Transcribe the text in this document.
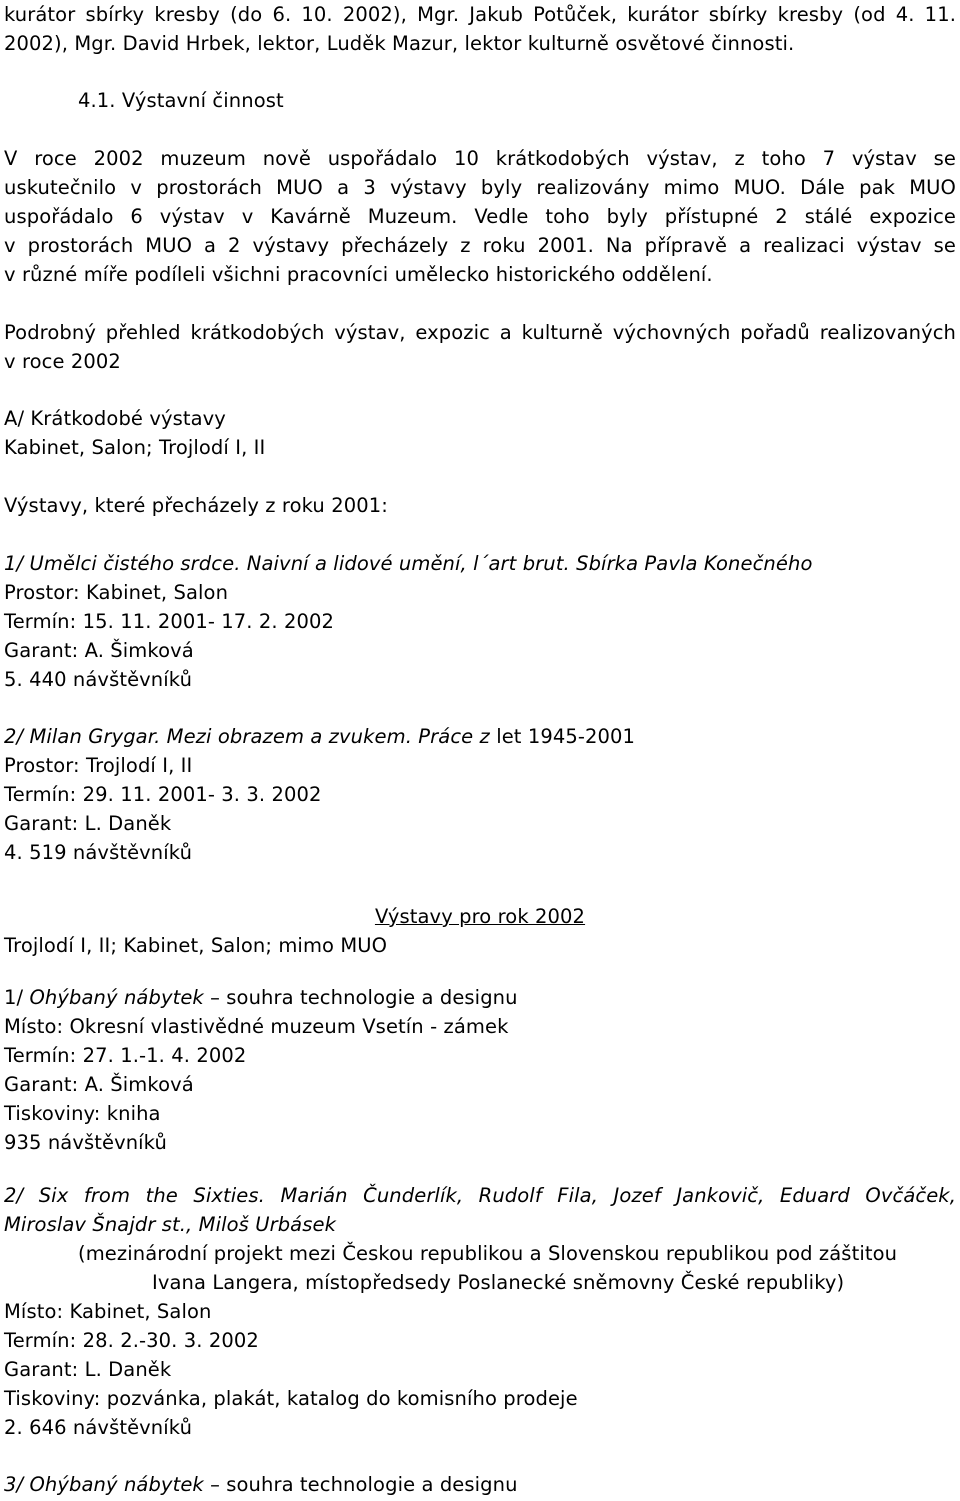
kurátor sbírky kresby (do 6. 10. 2002), Mgr. Jakub Potůček, kurátor sbírky kresby (od 4. 11.
2002), Mgr. David Hrbek, lektor, Luděk Mazur, lektor kulturně osvětové činnosti.
4.1. Výstavní činnost
V roce 2002 muzeum nově uspořádalo 10 krátkodobých výstav, z toho 7 výstav se
uskutečnilo v prostorách MUO a 3 výstavy byly realizovány mimo MUO. Dále pak MUO
uspořádalo 6 výstav v Kavárně Muzeum. Vedle toho byly přístupné 2 stálé expozice
v prostorách MUO a 2 výstavy přecházely z roku 2001. Na přípravě a realizaci výstav se
v různé míře podíleli všichni pracovníci umělecko historického oddělení.
Podrobný přehled krátkodobých výstav, expozic a kulturně výchovných pořadů realizovaných
v roce 2002
A/ Krátkodobé výstavy
Kabinet, Salon; Trojlodí I, II
Výstavy, které přecházely z roku 2001:
1/ Umělci čistého srdce. Naivní a lidové umění, l´art brut. Sbírka Pavla Konečného
Prostor: Kabinet, Salon
Termín: 15. 11. 2001- 17. 2. 2002
Garant: A. Šimková
5. 440 návštěvníků
2/ Milan Grygar. Mezi obrazem a zvukem. Práce z let 1945-2001
Prostor: Trojlodí I, II
Termín: 29. 11. 2001- 3. 3. 2002
Garant: L. Daněk
4. 519 návštěvníků
Výstavy pro rok 2002
Trojlodí I, II; Kabinet, Salon; mimo MUO
1/ Ohýbaný nábytek – souhra technologie a designu
Místo: Okresní vlastivědné muzeum Vsetín - zámek
Termín: 27. 1.-1. 4. 2002
Garant: A. Šimková
Tiskoviny: kniha
935 návštěvníků
2/ Six from the Sixties. Marián Čunderlík, Rudolf Fila, Jozef Jankovič, Eduard Ovčáček,
Miroslav Šnajdr st., Miloš Urbásek
(mezinárodní projekt mezi Českou republikou a Slovenskou republikou pod záštitou
Ivana Langera, místopředsedy Poslanecké sněmovny České republiky)
Místo: Kabinet, Salon
Termín: 28. 2.-30. 3. 2002
Garant: L. Daněk
Tiskoviny: pozvánka, plakát, katalog do komisního prodeje
2. 646 návštěvníků
3/ Ohýbaný nábytek – souhra technologie a designu
